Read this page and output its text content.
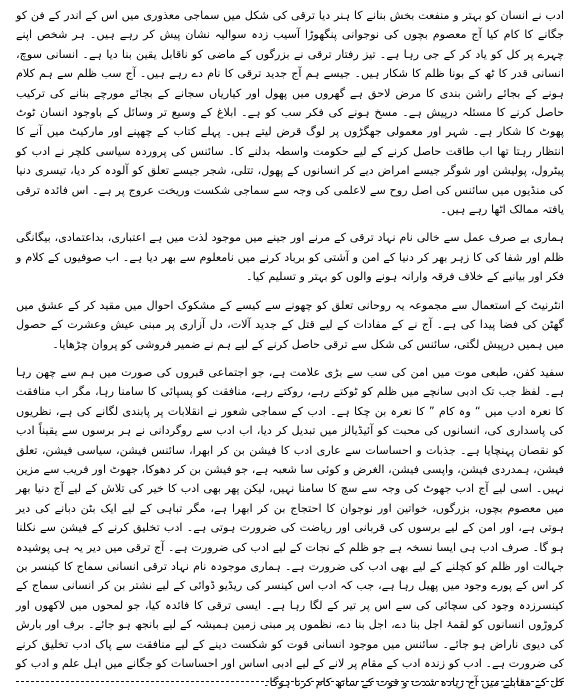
ادب نے انسان کو بہتر و منفعت بخش بنانے کا ہنر دیا ترقی کی شکل میں سماجی معذوری میں اس کے اندر کے فن کو جگانے کا کام کیا آج معصوم بچوں کی نوجوانی پنگھوڑا آسیب زدہ سوالیہ نشان پیش کر رہے ہیں۔ ہر شخص اپنے چہرے پر کل کو یاد کر کے جی رہا ہے۔ تیز رفتار ترقی نے بزرگوں کے ماضی کو ناقابل یقین بنا دیا ہے۔ انسانی سوچ، انسانی قدر کا ٹھ کے بونا ظلم کا شکار ہیں۔ جیسے ہم آج جدید ترقی کا نام دے رہے ہیں۔ آج سب ظلم سے ہم کلام ہونے کے بجائے راشن بندی کا مرض لاحق ہے گھروں میں پھول اور کیاریاں سجانے کے بجائے مورچے بنانے کی ترکیب حاصل کرنے کا مسئلہ درپیش ہے۔ مسخ ہونے کی فکر سب کو ہے۔ ابلاغ کے وسیع تر وسائل کے باوجود انسان ٹوٹ پھوٹ کا شکار ہے۔ شہر اور معمولی جھگڑوں پر لوگ قرض لیتے ہیں۔ پہلے کتاب کے چھپنے اور مارکیٹ میں آنے کا انتظار رہتا تھا اب طاقت حاصل کرنے کے لیے حکومت واسطہ بدلنے کا۔ سائنس کی پروردہ سیاسی کلچر نے ادب کو پیٹرول، پولیشن اور شوگر جیسے امراض دیے کر انسانوں کے پھول، تتلی، شجر جیسے تعلق کو آلودہ کر دیا، تیسری دنیا کی منڈیوں میں سائنس کی اصل روح سے لاعلمی کی وجہ سے سماجی شکست وریخت عروج پر ہے۔ اس فائدہ ترقی یافتہ ممالک اٹھا رہے ہیں۔

ہماری بے صرف عمل سے خالی نام نہاد ترقی کے مرنے اور جینے میں موجود لذت میں ہے اعتباری، بداعتمادی، بیگانگی ظلم اور شفا کی کا زہر بھر کر دنیا کے امن و آشتی کو برباد کرنے میں نامعلوم سے بھر دیا ہے۔ اب صوفیوں کے کلام و فکر اور بیانیے کے خلاف فرقہ وارانہ ہونے والوں کو بہتر و تسلیم کیا۔

انٹرنیٹ کے استعمال سے مجموعہ یہ روحانی تعلق کو چھونے سے کیسے کے مشکوک احوال میں مقید کر کے عشق میں گھٹن کی فضا پیدا کی ہے۔ آج نے کے مفادات کے لیے قتل کے جدید آلات، دل آزاری پر مبنی عیش وعشرت کے حصول میں ہمیں درپیش لگتی، سائنس کی شکل سے ترقی حاصل کرنے کے لیے ہم نے ضمیر فروشی کو پروان چڑھایا۔

سفید کفن، طبعی موت میں امن کی سب سے بڑی علامت ہے، جو اجتماعی قبروں کی صورت میں ہم سے چھن رہا ہے۔ لفظ جب تک ادبی سانچے میں ظلم کو ٹوکتے رہے، روکتے رہے، منافقت کو پسپائی کا سامنا رہا، مگر اب منافقت کا نعرہ ادب میں “ وہ کام ” کا نعرہ بن چکا ہے۔ ادب کے سماجی شعور نے انقلابات پر پابندی لگانے کی ہے، نظریوں کی پاسداری کی، انسانوں کی محبت کو آئیڈیالز میں تبدیل کر دیا، اب ادب سے روگردانی نے ہر برسوں سے یقیناً ادب کو نقصان پہنچایا ہے۔ جذبات و احساسات سے عاری ادب کا فیشن بن کر ابھرا، سائنس فیشن، سیاسی فیشن، تعلق فیشن، ہمدردی فیشن، واپسی فیشن، الغرض و کوئی سا شعبہ ہے، جو فیشن بن کر دھوکا، جھوٹ اور فریب سے مزین نہیں۔ اسی لیے آج ادب جھوٹ کی وجہ سے سچ کا سامنا نہیں، لیکن پھر بھی ادب کا خیر کی تلاش کے لیے آج دنیا بھر میں معصوم بچوں، بزرگوں، خواتین اور نوجوان کا احتجاج بن کر ابھرا ہے، مگر تباہی کے لیے ایک بٹن دبانے کی دیر ہوتی ہے، اور امن کے لیے برسوں کی قربانی اور ریاضت کی ضرورت ہوتی ہے۔ ادب تخلیق کرنے کے فیشن سے نکلنا ہو گا۔ صرف ادب ہی ایسا نسخہ ہے جو ظلم کے نجات کے لیے ادب کی ضرورت ہے۔ آج ترقی میں دیر یہ ہی پوشیدہ جہالت اور ظلم کو کچلنے کے لیے بھی ادب کی ضرورت ہے۔ ہماری موجودہ نام نہاد ترقی انسانی سماج کا کینسر بن کر اس کے پورے وجود میں پھیل رہا ہے، جب کہ ادب اس کینسر کی ریڈیو ڈوائی کے لیے نشتر بن کر انسانی سماج کے کینسرزدہ وجود کی سچائی کی سے اس پر تیر کے لگا رہا ہے۔ ایسی ترقی کا فائدہ کیا، جو لمحوں میں لاکھوں اور کروڑوں انسانوں کو لقمۂ اجل بنا دے، اجل بنا دے، نظموں پر مبنی زمین ہمیشہ کے لیے بانجھ ہو جائے۔ برف اور بارش کی دیوی ناراض ہو جائے۔ سائنس میں موجود انسانی قوت کو شکست دینے کے لیے منافقت سے پاک ادب تخلیق کرنے کی ضرورت ہے۔ ادب کو زندہ ادب کے مقام پر لانے کے لیے ادبی اساس اور احساسات کو جگانے میں اہل علم و ادب کو کل کے مقابلے میں آج زیادہ شدت و قوت کے ساتھ کام کرنا ہوگا۔
